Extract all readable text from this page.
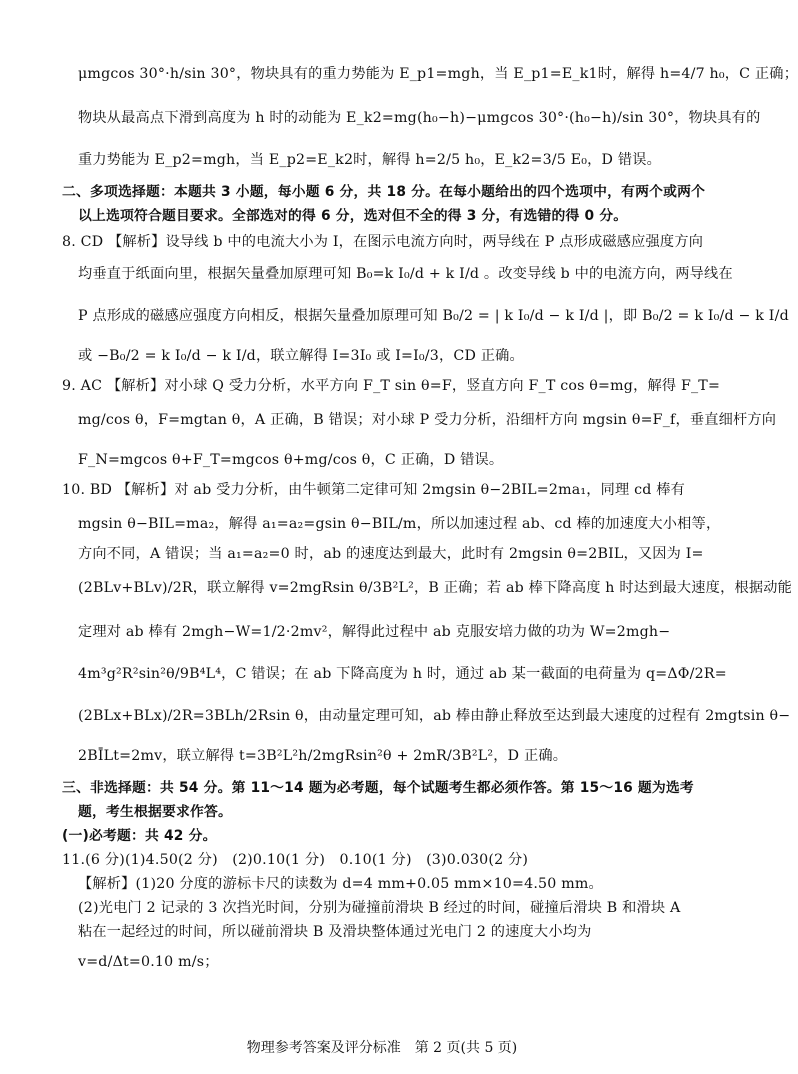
μmgcos 30°·h/sin 30°，物块具有的重力势能为 E_p1=mgh，当 E_p1=E_k1时，解得 h=4/7 h₀，C 正确；
物块从最高点下滑到高度为 h 时的动能为 E_k2=mg(h₀−h)−μmgcos 30°·(h₀−h)/sin 30°，物块具有的
重力势能为 E_p2=mgh，当 E_p2=E_k2时，解得 h=2/5 h₀，E_k2=3/5 E₀，D 错误。
二、多项选择题：本题共 3 小题，每小题 6 分，共 18 分。在每小题给出的四个选项中，有两个或两个
以上选项符合题目要求。全部选对的得 6 分，选对但不全的得 3 分，有选错的得 0 分。
8. CD 【解析】设导线 b 中的电流大小为 I，在图示电流方向时，两导线在 P 点形成磁感应强度方向
均垂直于纸面向里，根据矢量叠加原理可知 B₀=k I₀/d + k I/d 。改变导线 b 中的电流方向，两导线在
P 点形成的磁感应强度方向相反，根据矢量叠加原理可知 B₀/2 = | k I₀/d − k I/d |，即 B₀/2 = k I₀/d − k I/d
或 −B₀/2 = k I₀/d − k I/d，联立解得 I=3I₀ 或 I=I₀/3，CD 正确。
9. AC 【解析】对小球 Q 受力分析，水平方向 F_T sin θ=F，竖直方向 F_T cos θ=mg，解得 F_T=
mg/cos θ，F=mgtan θ，A 正确，B 错误；对小球 P 受力分析，沿细杆方向 mgsin θ=F_f，垂直细杆方向
F_N=mgcos θ+F_T=mgcos θ+mg/cos θ，C 正确，D 错误。
10. BD 【解析】对 ab 受力分析，由牛顿第二定律可知 2mgsin θ−2BIL=2ma₁，同理 cd 棒有
mgsin θ−BIL=ma₂，解得 a₁=a₂=gsin θ−BIL/m，所以加速过程 ab、cd 棒的加速度大小相等，
方向不同，A 错误；当 a₁=a₂=0 时，ab 的速度达到最大，此时有 2mgsin θ=2BIL，又因为 I=
(2BLv+BLv)/2R，联立解得 v=2mgRsin θ/3B²L²，B 正确；若 ab 棒下降高度 h 时达到最大速度，根据动能
定理对 ab 棒有 2mgh−W=1/2·2mv²，解得此过程中 ab 克服安培力做的功为 W=2mgh−
4m³g²R²sin²θ/9B⁴L⁴，C 错误；在 ab 下降高度为 h 时，通过 ab 某一截面的电荷量为 q=ΔΦ/2R=
(2BLx+BLx)/2R=3BLh/2Rsin θ，由动量定理可知，ab 棒由静止释放至达到最大速度的过程有 2mgtsin θ−
2BĪLt=2mv，联立解得 t=3B²L²h/2mgRsin²θ + 2mR/3B²L²，D 正确。
三、非选择题：共 54 分。第 11～14 题为必考题，每个试题考生都必须作答。第 15～16 题为选考
题，考生根据要求作答。
(一)必考题：共 42 分。
11.(6 分)(1)4.50(2 分)　(2)0.10(1 分)　0.10(1 分)　(3)0.030(2 分)
【解析】(1)20 分度的游标卡尺的读数为 d=4 mm+0.05 mm×10=4.50 mm。
(2)光电门 2 记录的 3 次挡光时间，分别为碰撞前滑块 B 经过的时间，碰撞后滑块 B 和滑块 A
粘在一起经过的时间，所以碰前滑块 B 及滑块整体通过光电门 2 的速度大小均为
v=d/Δt=0.10 m/s；
物理参考答案及评分标准　第 2 页(共 5 页)
